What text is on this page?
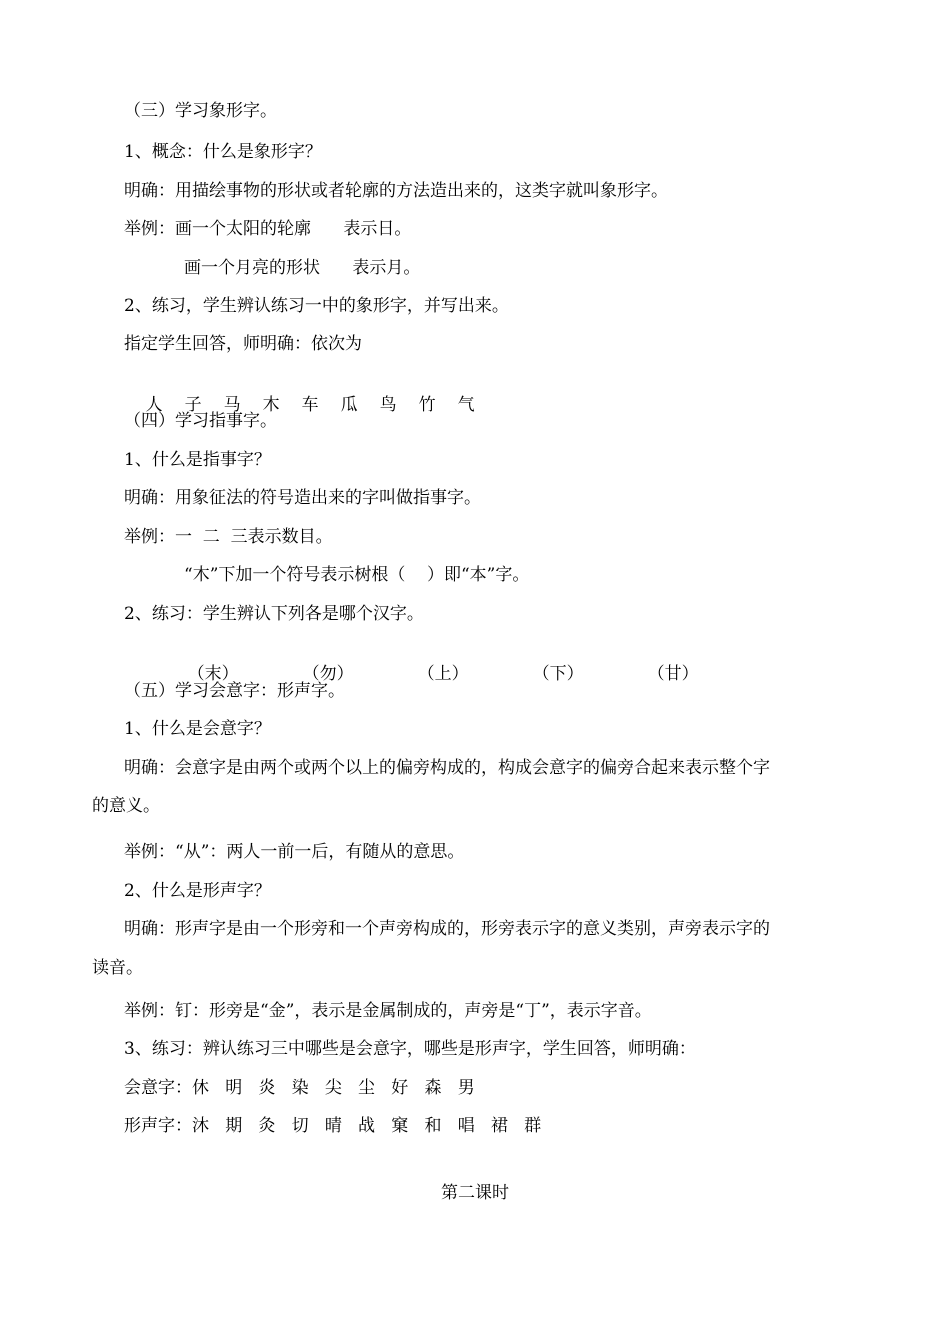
（三）学习象形字。
1、概念：什么是象形字？
明确：用描绘事物的形状或者轮廓的方法造出来的，这类字就叫象形字。
举例：画一个太阳的轮廓      表示日。
画一个月亮的形状      表示月。
2、练习，学生辨认练习一中的象形字，并写出来。
指定学生回答，师明确：依次为

人 子 马 木 车 瓜 鸟 竹 气

（四）学习指事字。
1、什么是指事字？
明确：用象征法的符号造出来的字叫做指事字。
举例：一  二  三表示数目。
“木”下加一个符号表示树根（    ）即“本”字。
2、练习：学生辨认下列各是哪个汉字。

（末）	（勿）	（上）	（下）	（甘）

（五）学习会意字：形声字。
1、什么是会意字？
明确：会意字是由两个或两个以上的偏旁构成的，构成会意字的偏旁合起来表示整个字
的意义。
举例：“从”：两人一前一后，有随从的意思。
2、什么是形声字？
明确：形声字是由一个形旁和一个声旁构成的，形旁表示字的意义类别，声旁表示字的
读音。
举例：钉：形旁是“金”，表示是金属制成的，声旁是“丁”，表示字音。
3、练习：辨认练习三中哪些是会意字，哪些是形声字，学生回答，师明确：
会意字：休   明   炎   染   尖   尘   好   森   男
形声字：沐   期   灸   切   晴   战   窠   和   唱   裙   群
第二课时
